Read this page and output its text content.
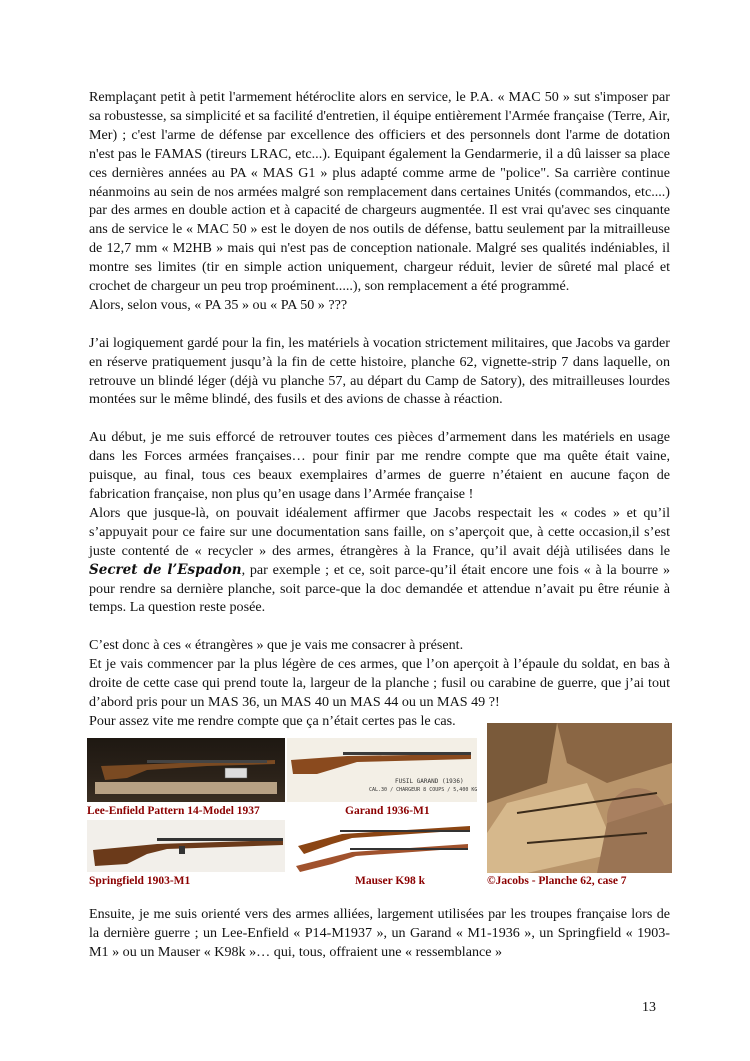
Remplaçant petit à petit l'armement hétéroclite alors en service, le P.A. « MAC 50 » sut s'imposer par sa robustesse, sa simplicité et sa facilité d'entretien, il équipe entièrement l'Armée française (Terre, Air, Mer) ; c'est l'arme de défense par excellence des officiers et des personnels dont l'arme de dotation n'est pas le FAMAS (tireurs LRAC, etc...). Equipant également la Gendarmerie, il a dû laisser sa place ces dernières années au PA « MAS G1 » plus adapté comme arme de "police". Sa carrière continue néanmoins au sein de nos armées malgré son remplacement dans certaines Unités (commandos, etc....) par des armes en double action et à capacité de chargeurs augmentée. Il est vrai qu'avec ses cinquante ans de service le « MAC 50 » est le doyen de nos outils de défense, battu seulement par la mitrailleuse de 12,7 mm « M2HB » mais qui n'est pas de conception nationale. Malgré ses qualités indéniables, il montre ses limites (tir en simple action uniquement, chargeur réduit, levier de sûreté mal placé et crochet de chargeur un peu trop proéminent.....), son remplacement a été programmé.

Alors, selon vous, « PA 35 » ou « PA 50 » ???

J’ai logiquement gardé pour la fin, les matériels à vocation strictement militaires, que Jacobs va garder en réserve pratiquement jusqu’à la fin de cette histoire, planche 62, vignette-strip 7 dans laquelle, on retrouve un blindé léger (déjà vu planche 57, au départ du Camp de Satory), des mitrailleuses lourdes montées sur le même blindé, des fusils et des avions de chasse à réaction.

Au début, je me suis efforcé de retrouver toutes ces pièces d’armement dans les matériels en usage dans les Forces armées françaises… pour finir par me rendre compte que ma quête était vaine, puisque, au final, tous ces beaux exemplaires d’armes de guerre n’étaient en aucune façon de fabrication française, non plus qu’en usage dans l’Armée française !

Alors que jusque-là, on pouvait idéalement affirmer que Jacobs respectait les « codes » et qu’il s’appuyait pour ce faire sur une documentation sans faille, on s’aperçoit que, à cette occasion,il s’est juste contenté de « recycler » des armes, étrangères à la France, qu’il avait déjà utilisées dans le Secret de l’Espadon, par exemple ; et ce, soit parce-qu’il était encore une fois « à la bourre » pour rendre sa dernière planche, soit parce-que la doc demandée et attendue n’avait pu être réunie à temps. La question reste posée.

C’est donc à ces « étrangères » que je vais me consacrer à présent.

Et je vais commencer par la plus légère de ces armes, que l’on aperçoit à l’épaule du soldat, en bas à droite de cette case qui prend toute la, largeur de la planche ; fusil ou carabine de guerre, que j’ai tout d’abord pris pour un MAS 36, un MAS 40 un MAS 44 ou un MAS 49 ?!

Pour assez vite me rendre compte que ça n’était certes pas le cas.

Lee-Enfield Pattern 14-Model 1937
Springfield 1903-M1
FUSIL GARAND (1936)
CAL.30 / CHARGEUR 8 COUPS / 5,400 KG
Garand 1936-M1
Mauser K98 k	©Jacobs - Planche 62, case 7

Ensuite, je me suis orienté vers des armes alliées, largement utilisées par les troupes française lors de la dernière guerre ; un Lee-Enfield « P14-M1937 », un Garand « M1-1936 », un Springfield « 1903-M1 » ou un Mauser « K98k »… qui, tous, offraient une « ressemblance »

13
